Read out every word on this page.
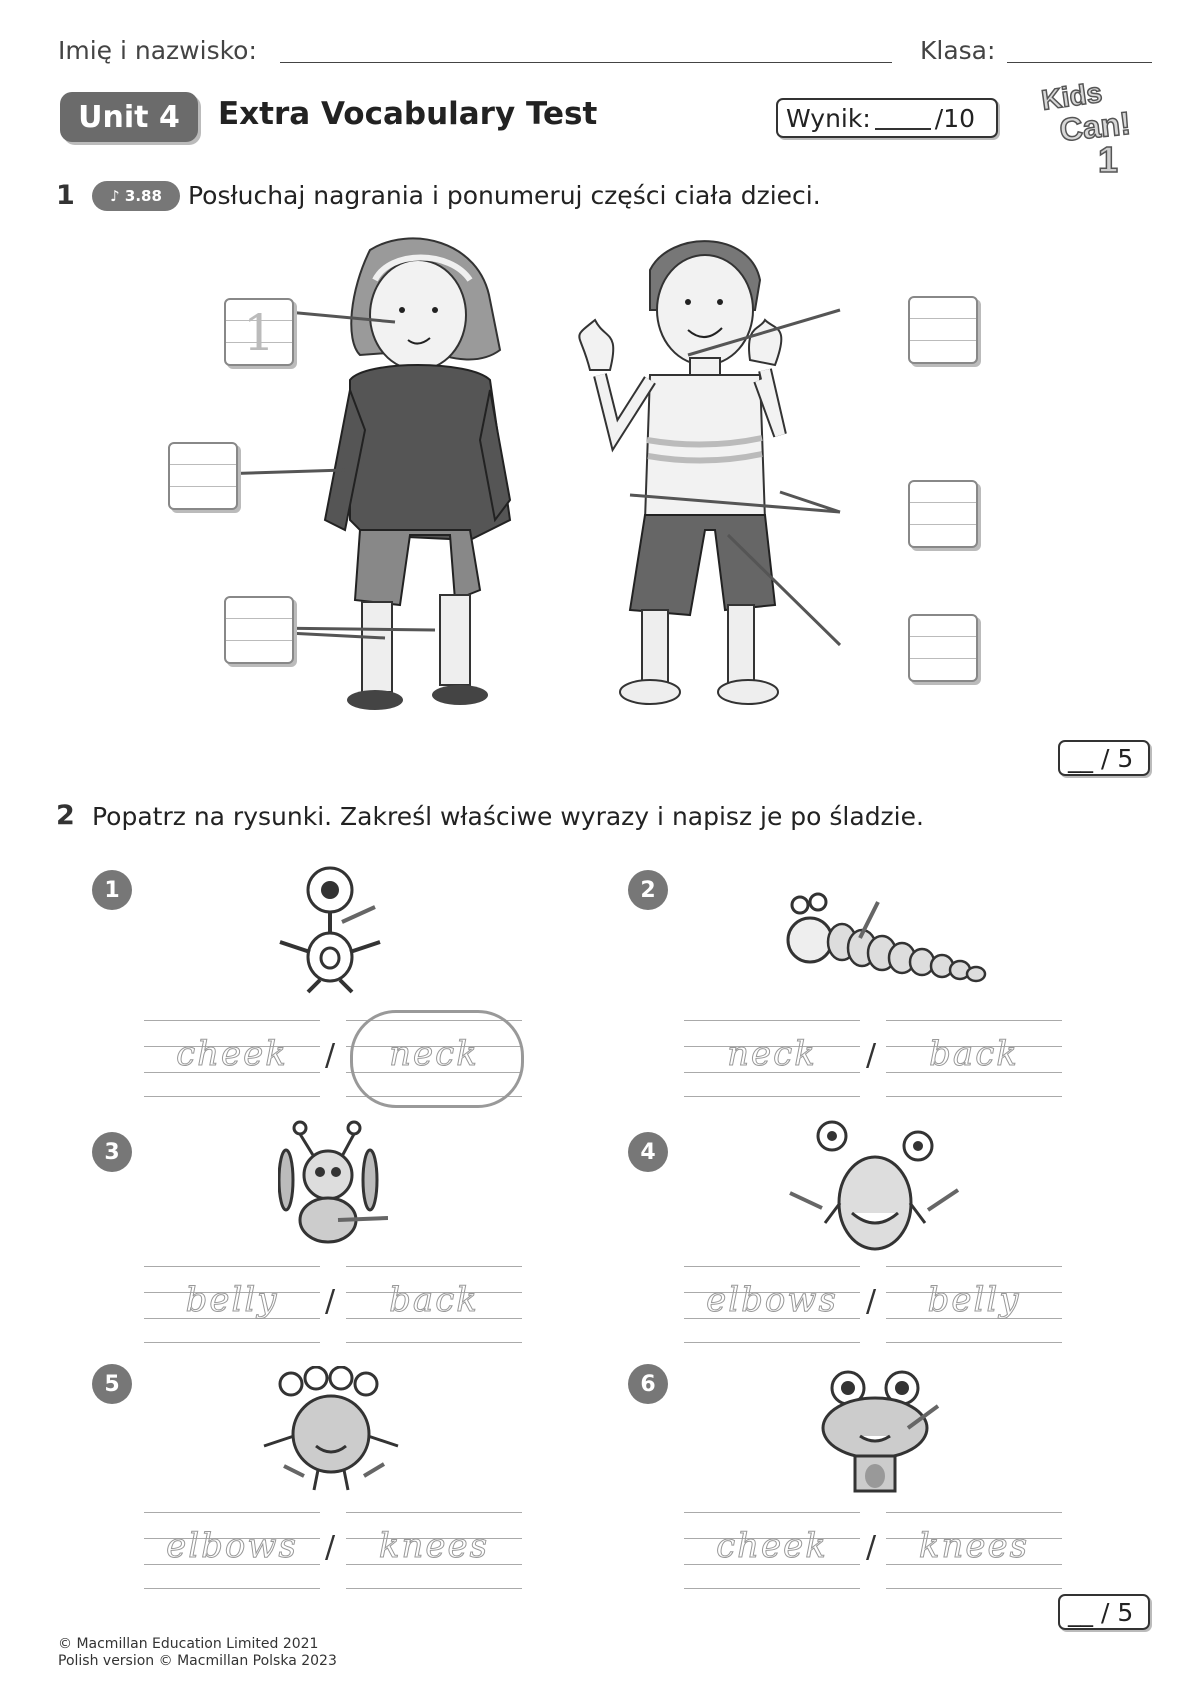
Imię i nazwisko:	Klasa:
Unit 4	Extra Vocabulary Test	Wynik:	/10
Kids
Can!
1
1	♪ 3.88	Posłuchaj nagrania i ponumeruj części ciała dzieci.
1
__ / 5
2 Popatrz na rysunki. Zakreśl właściwe wyrazy i napisz je po śladzie.
1
cheek	/	neck
2
neck	/	back
3
belly	/	back
4
elbows /	belly
5
elbows /	knees
6
cheek	/	knees
__ / 5
© Macmillan Education Limited 2021
Polish version © Macmillan Polska 2023
